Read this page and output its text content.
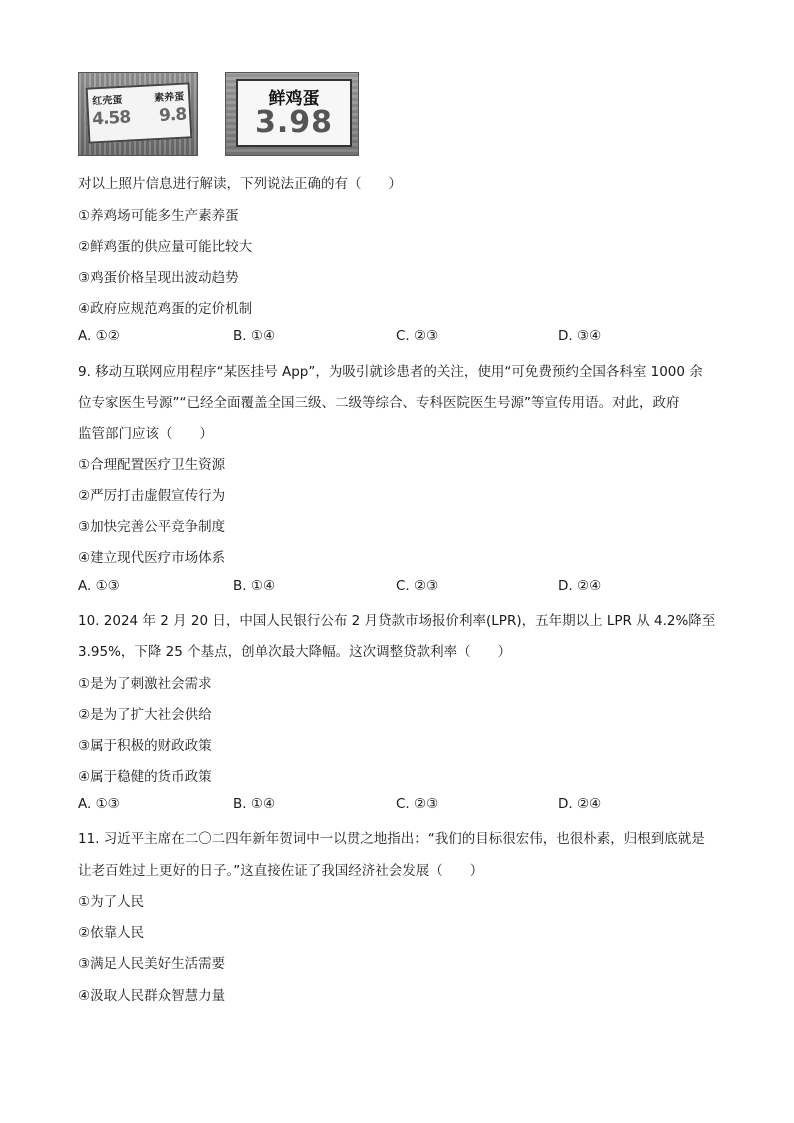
红壳蛋	素养蛋
4.58 9.8
鲜鸡蛋
3.98
对以上照片信息进行解读，下列说法正确的有（　　）
①养鸡场可能多生产素养蛋
②鲜鸡蛋的供应量可能比较大
③鸡蛋价格呈现出波动趋势
④政府应规范鸡蛋的定价机制
A. ①②	B. ①④	C. ②③	D. ③④
9. 移动互联网应用程序“某医挂号 App”，为吸引就诊患者的关注，使用“可免费预约全国各科室 1000 余
位专家医生号源”“已经全面覆盖全国三级、二级等综合、专科医院医生号源”等宣传用语。对此，政府
监管部门应该（　　）
①合理配置医疗卫生资源
②严厉打击虚假宣传行为
③加快完善公平竞争制度
④建立现代医疗市场体系
A. ①③	B. ①④	C. ②③	D. ②④
10. 2024 年 2 月 20 日，中国人民银行公布 2 月贷款市场报价利率(LPR)，五年期以上 LPR 从 4.2%降至
3.95%，下降 25 个基点，创单次最大降幅。这次调整贷款利率（　　）
①是为了刺激社会需求
②是为了扩大社会供给
③属于积极的财政政策
④属于稳健的货币政策
A. ①③	B. ①④	C. ②③	D. ②④
11. 习近平主席在二〇二四年新年贺词中一以贯之地指出：“我们的目标很宏伟，也很朴素，归根到底就是
让老百姓过上更好的日子。”这直接佐证了我国经济社会发展（　　）
①为了人民
②依靠人民
③满足人民美好生活需要
④汲取人民群众智慧力量
